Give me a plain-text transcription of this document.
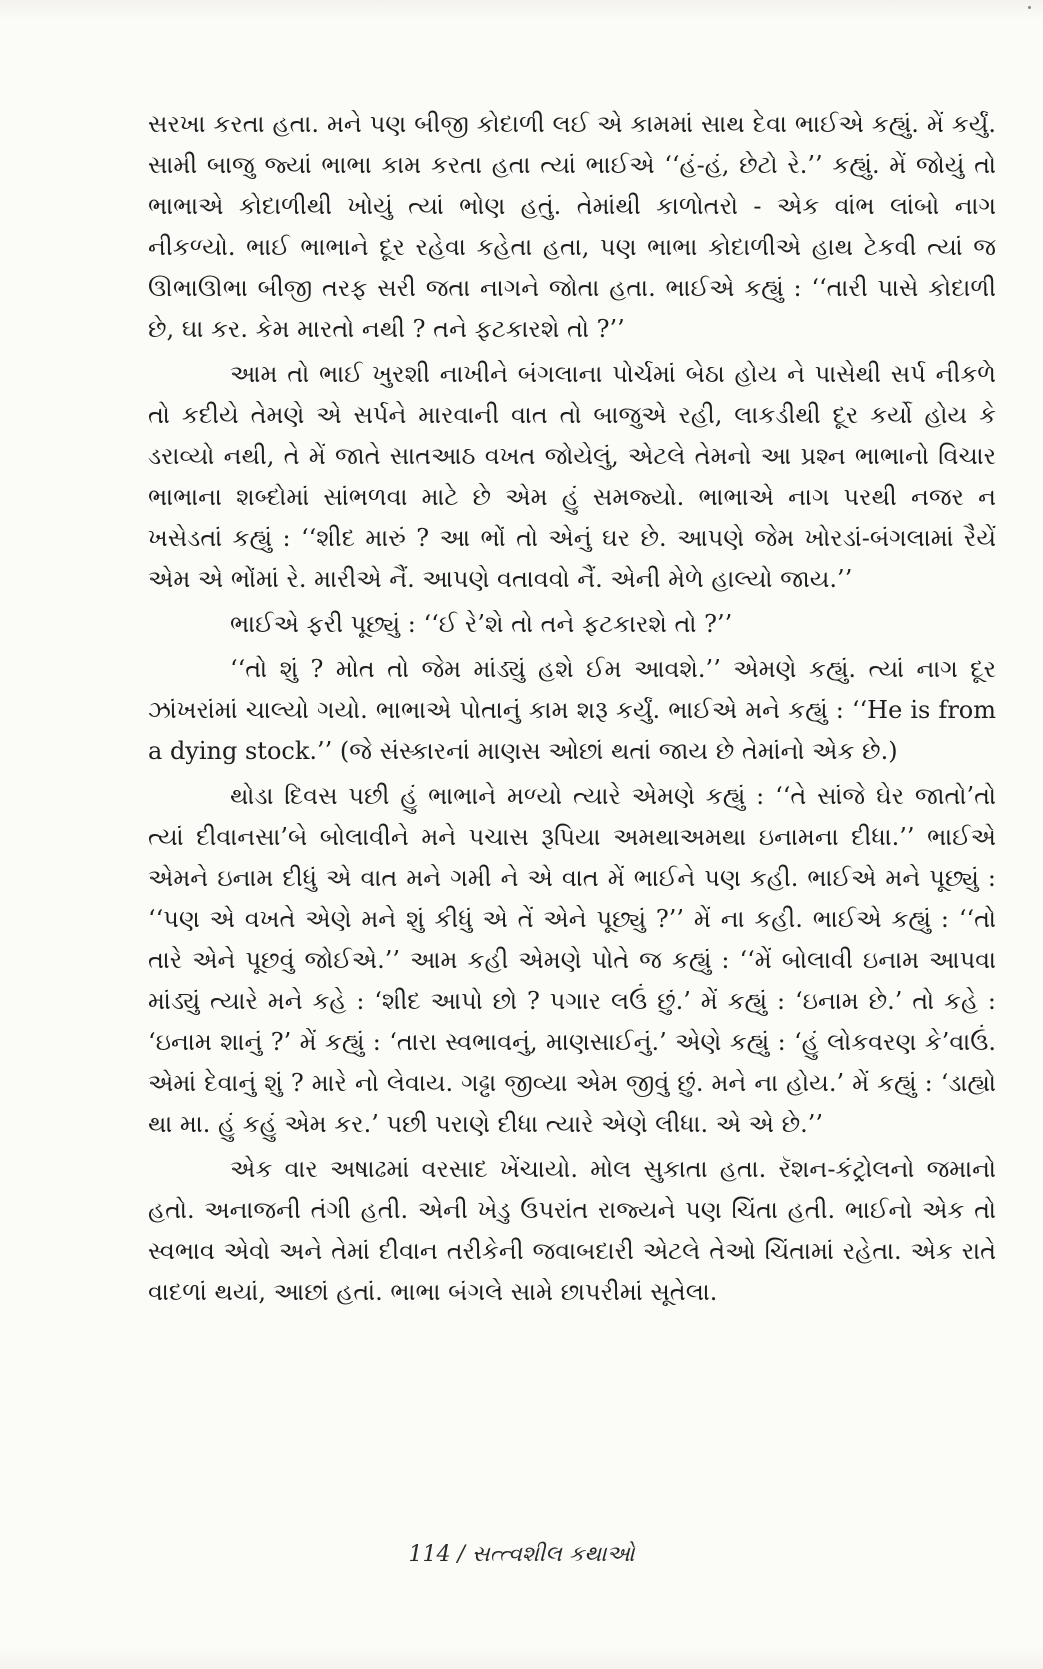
સરખા કરતા હતા. મને પણ બીજી કોદાળી લઈ એ કામમાં સાથ દેવા ભાઈએ કહ્યું. મેં કર્યું. સામી બાજુ જ્યાં ભાભા કામ કરતા હતા ત્યાં ભાઈએ ‘‘હં-હં, છેટો રે.’’ કહ્યું. મેં જોયું તો ભાભાએ કોદાળીથી ખોયું ત્યાં ભોણ હતું. તેમાંથી કાળોતરો - એક વાંભ લાંબો નાગ નીકળ્યો. ભાઈ ભાભાને દૂર રહેવા કહેતા હતા, પણ ભાભા કોદાળીએ હાથ ટેકવી ત્યાં જ ઊભાઊભા બીજી તરફ સરી જતા નાગને જોતા હતા. ભાઈએ કહ્યું : ‘‘તારી પાસે કોદાળી છે, ઘા કર. કેમ મારતો નથી ? તને ફટકારશે તો ?’’

આમ તો ભાઈ ખુરશી નાખીને બંગલાના પોર્ચમાં બેઠા હોય ને પાસેથી સર્પ નીકળે તો કદીયે તેમણે એ સર્પને મારવાની વાત તો બાજુએ રહી, લાકડીથી દૂર કર્યો હોય કે ડરાવ્યો નથી, તે મેં જાતે સાતઆઠ વખત જોયેલું, એટલે તેમનો આ પ્રશ્ન ભાભાનો વિચાર ભાભાના શબ્દોમાં સાંભળવા માટે છે એમ હું સમજ્યો. ભાભાએ નાગ પરથી નજર ન ખસેડતાં કહ્યું : ‘‘શીદ મારું ? આ ભોં તો એનું ઘર છે. આપણે જેમ ખોરડાં-બંગલામાં રૈયેં એમ એ ભોંમાં રે. મારીએ નૈં. આપણે વતાવવો નૈં. એની મેળે હાલ્યો જાય.’’

ભાઈએ ફરી પૂછ્યું : ‘‘ઈ રે’શે તો તને ફટકારશે તો ?’’

‘‘તો શું ? મોત તો જેમ માંડ્યું હશે ઈમ આવશે.’’ એમણે કહ્યું. ત્યાં નાગ દૂર ઝાંખરાંમાં ચાલ્યો ગયો. ભાભાએ પોતાનું કામ શરૂ કર્યું. ભાઈએ મને કહ્યું : ‘‘He is from a dying stock.’’ (જે સંસ્કારનાં માણસ ઓછાં થતાં જાય છે તેમાંનો એક છે.)

થોડા દિવસ પછી હું ભાભાને મળ્યો ત્યારે એમણે કહ્યું : ‘‘તે સાંજે ઘેર જાતો’તો ત્યાં દીવાનસા’બે બોલાવીને મને પચાસ રૂપિયા અમથાઅમથા ઇનામના દીધા.’’ ભાઈએ એમને ઇનામ દીધું એ વાત મને ગમી ને એ વાત મેં ભાઈને પણ કહી. ભાઈએ મને પૂછ્યું : ‘‘પણ એ વખતે એણે મને શું કીધું એ તેં એને પૂછ્યું ?’’ મેં ના કહી. ભાઈએ કહ્યું : ‘‘તો તારે એને પૂછવું જોઈએ.’’ આમ કહી એમણે પોતે જ કહ્યું : ‘‘મેં બોલાવી ઇનામ આપવા માંડ્યું ત્યારે મને કહે : ‘શીદ આપો છો ? પગાર લઉં છું.’ મેં કહ્યું : ‘ઇનામ છે.’ તો કહે : ‘ઇનામ શાનું ?’ મેં કહ્યું : ‘તારા સ્વભાવનું, માણસાઈનું.’ એણે કહ્યું : ‘હું લોકવરણ કે’વાઉં. એમાં દેવાનું શું ? મારે નો લેવાય. ગઢ્ઢા જીવ્યા એમ જીવું છું. મને ના હોય.’ મેં કહ્યું : ‘ડાહ્યો થા મા. હું કહું એમ કર.’ પછી પરાણે દીધા ત્યારે એણે લીધા. એ એ છે.’’

એક વાર અષાઢમાં વરસાદ ખેંચાયો. મોલ સુકાતા હતા. રૅશન-કંટ્રોલનો જમાનો હતો. અનાજની તંગી હતી. એની ખેડુ ઉપરાંત રાજ્યને પણ ચિંતા હતી. ભાઈનો એક તો સ્વભાવ એવો અને તેમાં દીવાન તરીકેની જવાબદારી એટલે તેઓ ચિંતામાં રહેતા. એક રાતે વાદળાં થયાં, આછાં હતાં. ભાભા બંગલે સામે છાપરીમાં સૂતેલા.

114 / સત્ત્વશીલ કથાઓ
